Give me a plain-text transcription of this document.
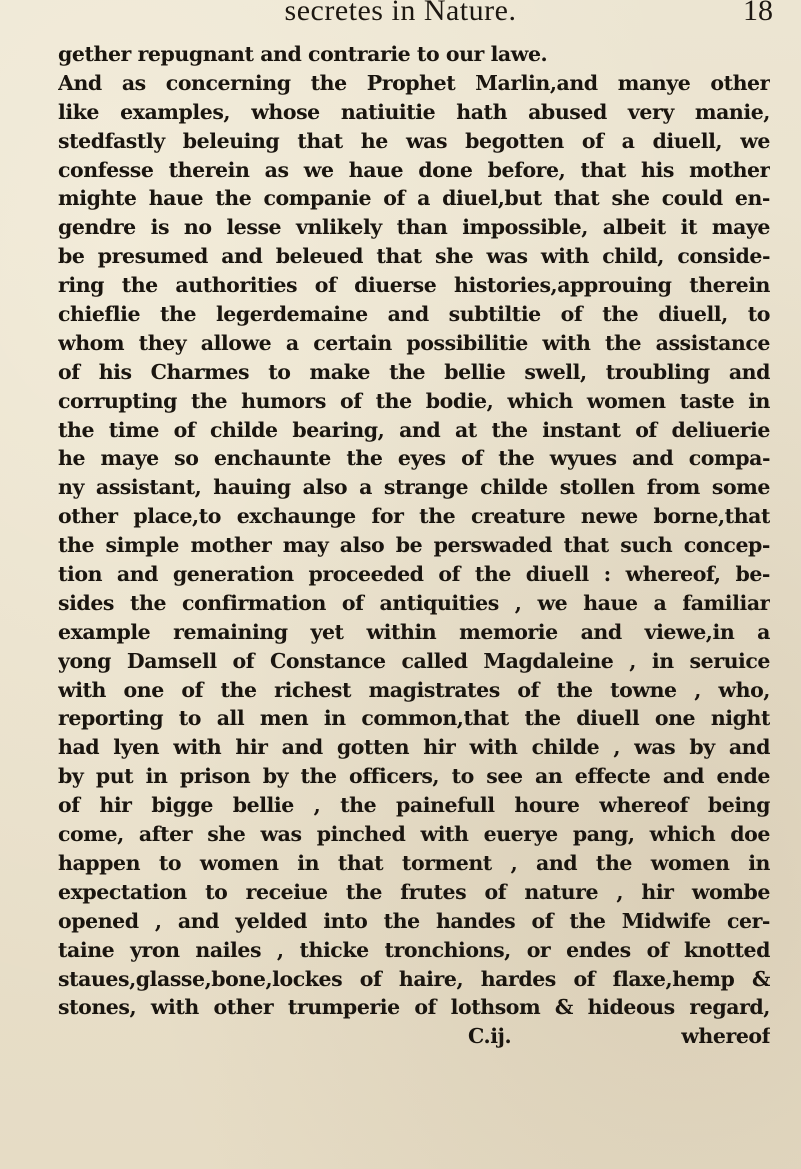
secretes in Nature.	18
gether repugnant and contrarie to our lawe.
And as concerning the Prophet Marlin,and manye other
like examples, whose natiuitie hath abused very manie,
stedfastly beleuing that he was begotten of a diuell, we
confesse therein as we haue done before, that his mother
mighte haue the companie of a diuel,but that she could en-
gendre is no lesse vnlikely than impossible, albeit it maye
be presumed and beleued that she was with child, conside-
ring the authorities of diuerse histories,approuing therein
chieflie the legerdemaine and subtiltie of the diuell, to
whom they allowe a certain possibilitie with the assistance
of his Charmes to make the bellie swell, troubling and
corrupting the humors of the bodie, which women taste in
the time of childe bearing, and at the instant of deliuerie
he maye so enchaunte the eyes of the wyues and compa-
ny assistant, hauing also a strange childe stollen from some
other place,to exchaunge for the creature newe borne,that
the simple mother may also be perswaded that such concep-
tion and generation proceeded of the diuell : whereof, be-
sides the confirmation of antiquities , we haue a familiar
example remaining yet within memorie and viewe,in a
yong Damsell of Constance called Magdaleine , in seruice
with one of the richest magistrates of the towne , who,
reporting to all men in common,that the diuell one night
had lyen with hir and gotten hir with childe , was by and
by put in prison by the officers, to see an effecte and ende
of hir bigge bellie , the painefull houre whereof being
come, after she was pinched with euerye pang, which doe
happen to women in that torment , and the women in
expectation to receiue the frutes of nature , hir wombe
opened , and yelded into the handes of the Midwife cer-
taine yron nailes , thicke tronchions, or endes of knotted
staues,glasse,bone,lockes of haire, hardes of flaxe,hemp &
stones, with other trumperie of lothsom & hideous regard,
C.ij.	whereof
